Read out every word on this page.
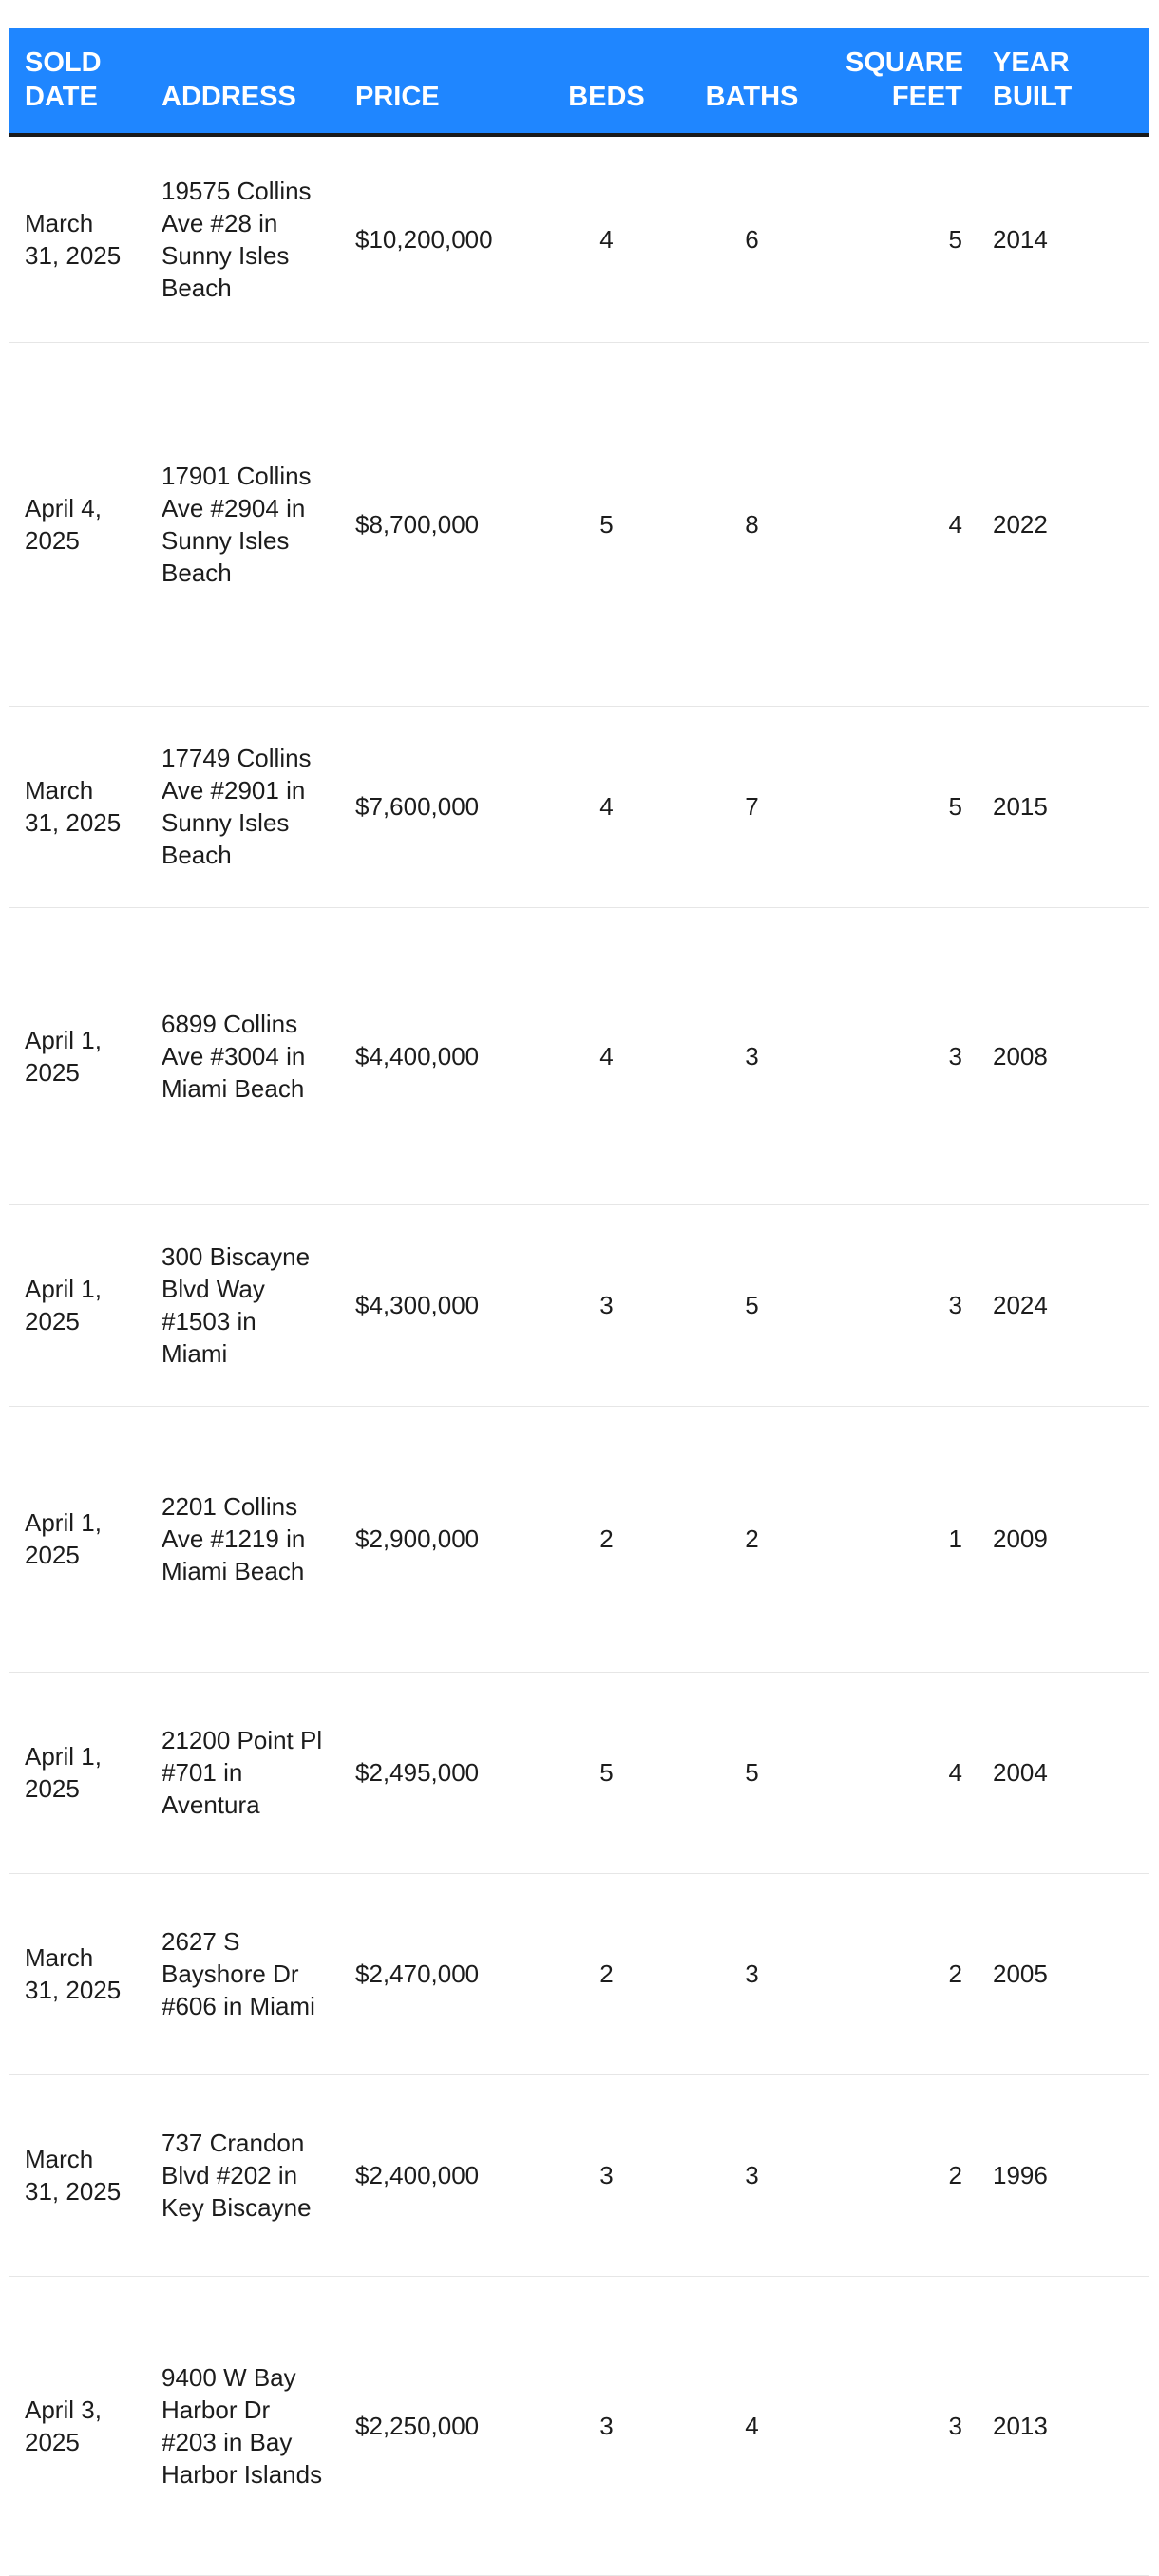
SOLD DATE	ADDRESS	PRICE	BEDS	BATHS	SQUARE FEET	YEAR BUILT
March 31, 2025	19575 Collins Ave #28 in Sunny Isles Beach	$10,200,000	4	6	5	2014
April 4, 2025	17901 Collins Ave #2904 in Sunny Isles Beach	$8,700,000	5	8	4	2022
March 31, 2025	17749 Collins Ave #2901 in Sunny Isles Beach	$7,600,000	4	7	5	2015
April 1, 2025	6899 Collins Ave #3004 in Miami Beach	$4,400,000	4	3	3	2008
April 1, 2025	300 Biscayne Blvd Way #1503 in Miami	$4,300,000	3	5	3	2024
April 1, 2025	2201 Collins Ave #1219 in Miami Beach	$2,900,000	2	2	1	2009
April 1, 2025	21200 Point Pl #701 in Aventura	$2,495,000	5	5	4	2004
March 31, 2025	2627 S Bayshore Dr #606 in Miami	$2,470,000	2	3	2	2005
March 31, 2025	737 Crandon Blvd #202 in Key Biscayne	$2,400,000	3	3	2	1996
April 3, 2025	9400 W Bay Harbor Dr #203 in Bay Harbor Islands	$2,250,000	3	4	3	2013
